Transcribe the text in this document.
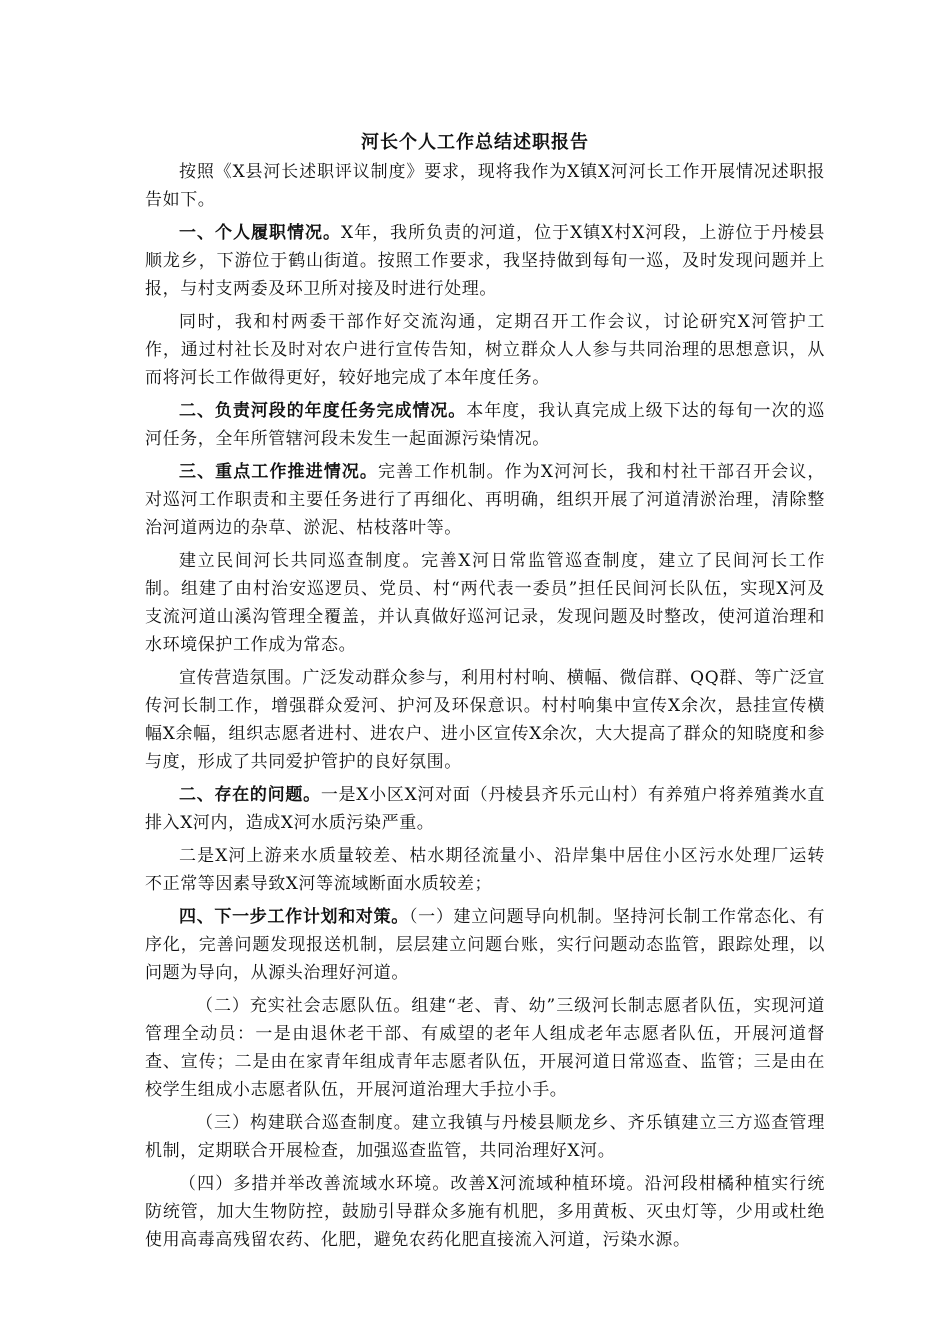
河长个人工作总结述职报告

按照《X县河长述职评议制度》要求，现将我作为X镇X河河长工作开展情况述职报告如下。

一、个人履职情况。X年，我所负责的河道，位于X镇X村X河段，上游位于丹棱县顺龙乡，下游位于鹤山街道。按照工作要求，我坚持做到每旬一巡，及时发现问题并上报，与村支两委及环卫所对接及时进行处理。

同时，我和村两委干部作好交流沟通，定期召开工作会议，讨论研究X河管护工作，通过村社长及时对农户进行宣传告知，树立群众人人参与共同治理的思想意识，从而将河长工作做得更好，较好地完成了本年度任务。

二、负责河段的年度任务完成情况。本年度，我认真完成上级下达的每旬一次的巡河任务，全年所管辖河段未发生一起面源污染情况。

三、重点工作推进情况。完善工作机制。作为X河河长，我和村社干部召开会议，对巡河工作职责和主要任务进行了再细化、再明确，组织开展了河道清淤治理，清除整治河道两边的杂草、淤泥、枯枝落叶等。

建立民间河长共同巡查制度。完善X河日常监管巡查制度，建立了民间河长工作制。组建了由村治安巡逻员、党员、村“两代表一委员”担任民间河长队伍，实现X河及支流河道山溪沟管理全覆盖，并认真做好巡河记录，发现问题及时整改，使河道治理和水环境保护工作成为常态。

宣传营造氛围。广泛发动群众参与，利用村村响、横幅、微信群、QQ群、等广泛宣传河长制工作，增强群众爱河、护河及环保意识。村村响集中宣传X余次，悬挂宣传横幅X余幅，组织志愿者进村、进农户、进小区宣传X余次，大大提高了群众的知晓度和参与度，形成了共同爱护管护的良好氛围。

二、存在的问题。一是X小区X河对面（丹棱县齐乐元山村）有养殖户将养殖粪水直排入X河内，造成X河水质污染严重。

二是X河上游来水质量较差、枯水期径流量小、沿岸集中居住小区污水处理厂运转不正常等因素导致X河等流域断面水质较差；

四、下一步工作计划和对策。（一）建立问题导向机制。坚持河长制工作常态化、有序化，完善问题发现报送机制，层层建立问题台账，实行问题动态监管，跟踪处理，以问题为导向，从源头治理好河道。

（二）充实社会志愿队伍。组建“老、青、幼”三级河长制志愿者队伍，实现河道管理全动员：一是由退休老干部、有威望的老年人组成老年志愿者队伍，开展河道督查、宣传；二是由在家青年组成青年志愿者队伍，开展河道日常巡查、监管；三是由在校学生组成小志愿者队伍，开展河道治理大手拉小手。

（三）构建联合巡查制度。建立我镇与丹棱县顺龙乡、齐乐镇建立三方巡查管理机制，定期联合开展检查，加强巡查监管，共同治理好X河。

（四）多措并举改善流域水环境。改善X河流域种植环境。沿河段柑橘种植实行统防统管，加大生物防控，鼓励引导群众多施有机肥，多用黄板、灭虫灯等，少用或杜绝使用高毒高残留农药、化肥，避免农药化肥直接流入河道，污染水源。
